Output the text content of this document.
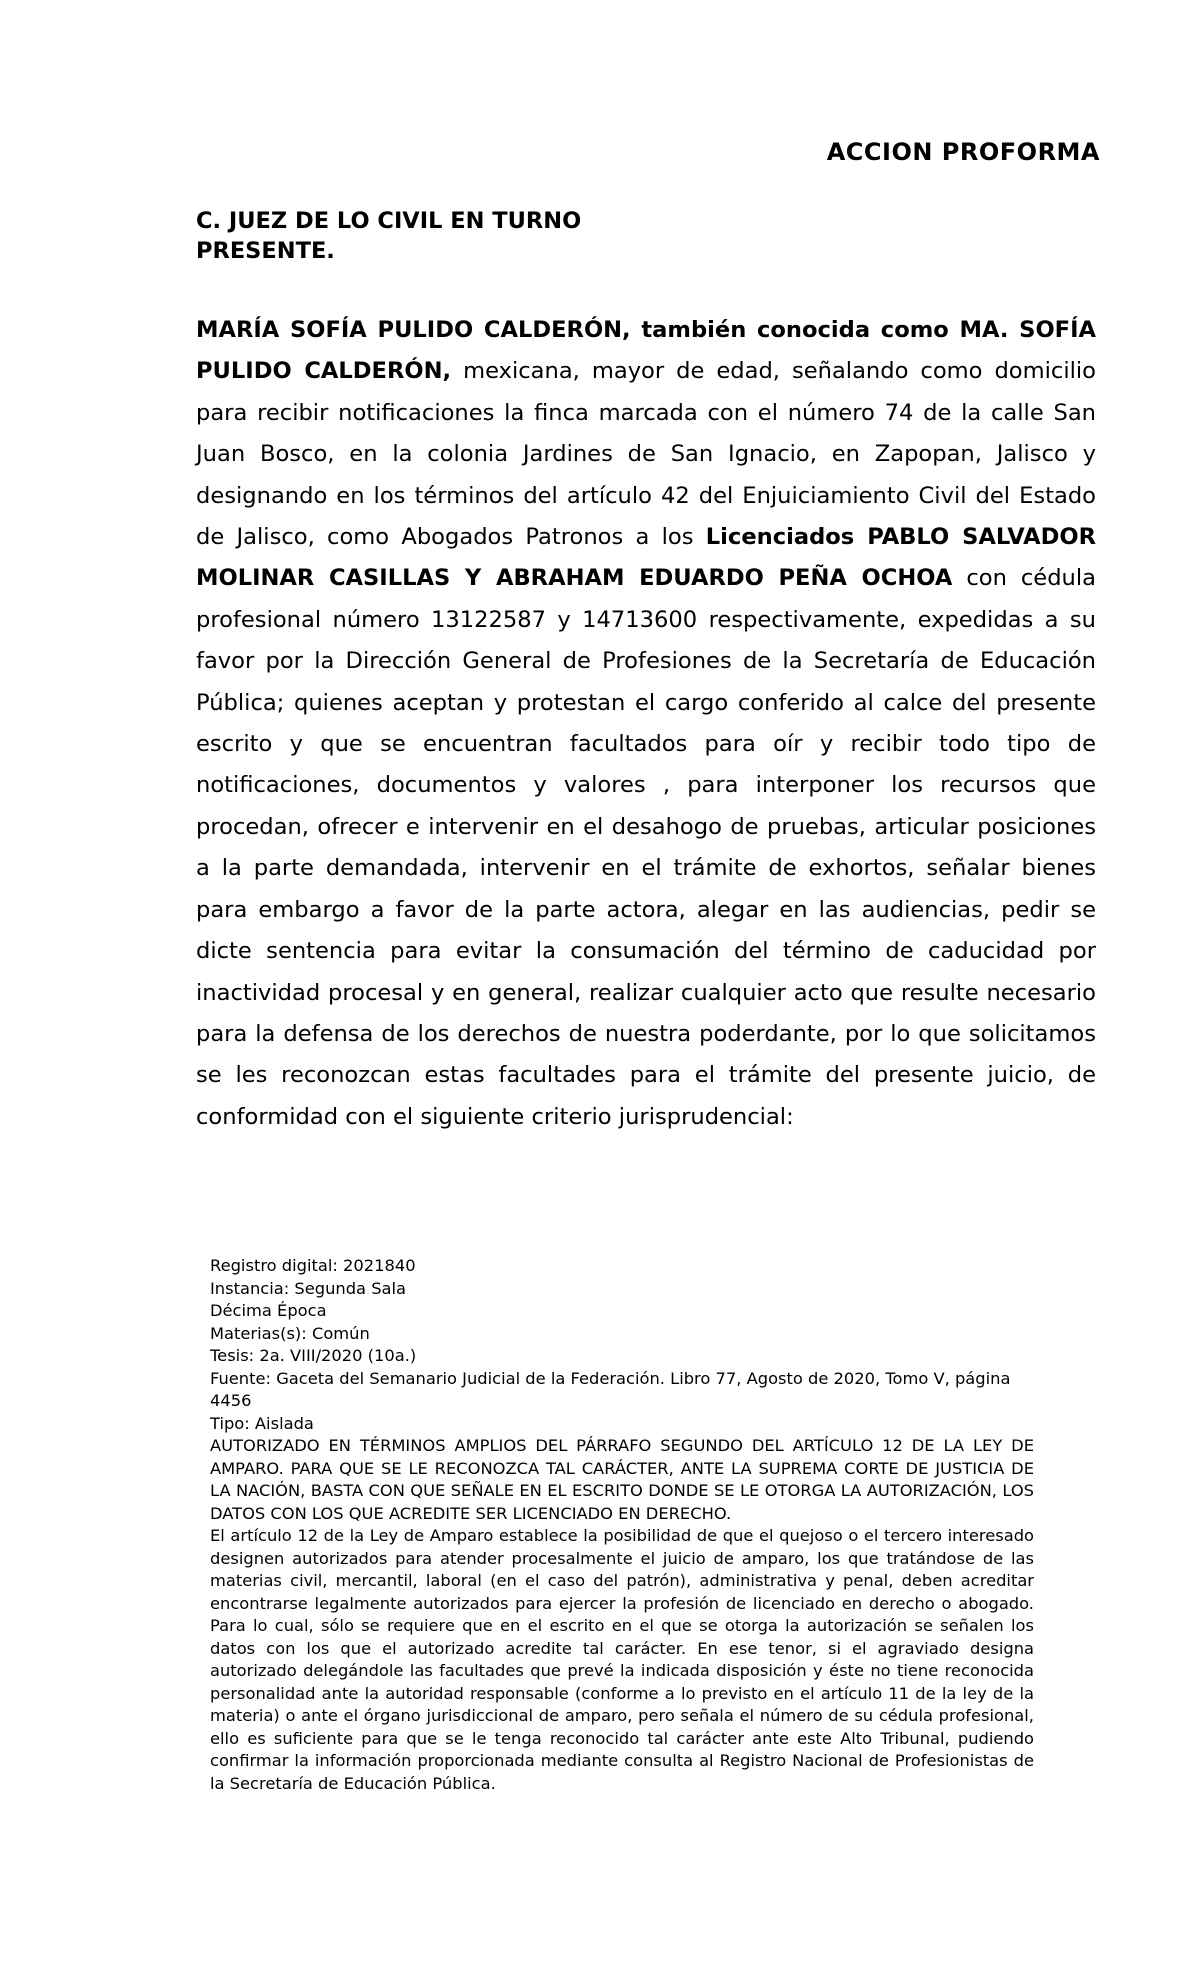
ACCION PROFORMA
C. JUEZ DE LO CIVIL EN TURNO
PRESENTE.
MARÍA SOFÍA PULIDO CALDERÓN, también conocida como MA. SOFÍA PULIDO CALDERÓN, mexicana, mayor de edad, señalando como domicilio para recibir notificaciones la finca marcada con el número 74 de la calle San Juan Bosco, en la colonia Jardines de San Ignacio, en Zapopan, Jalisco y designando en los términos del artículo 42 del Enjuiciamiento Civil del Estado de Jalisco, como Abogados Patronos a los Licenciados PABLO SALVADOR MOLINAR CASILLAS Y ABRAHAM EDUARDO PEÑA OCHOA con cédula profesional número 13122587 y 14713600 respectivamente, expedidas a su favor por la Dirección General de Profesiones de la Secretaría de Educación Pública; quienes aceptan y protestan el cargo conferido al calce del presente escrito y que se encuentran facultados para oír y recibir todo tipo de notificaciones, documentos y valores , para interponer los recursos que procedan, ofrecer e intervenir en el desahogo de pruebas, articular posiciones a la parte demandada, intervenir en el trámite de exhortos, señalar bienes para embargo a favor de la parte actora, alegar en las audiencias, pedir se dicte sentencia para evitar la consumación del término de caducidad por inactividad procesal y en general, realizar cualquier acto que resulte necesario para la defensa de los derechos de nuestra poderdante, por lo que solicitamos se les reconozcan estas facultades para el trámite del presente juicio, de conformidad con el siguiente criterio jurisprudencial:
Registro digital: 2021840
Instancia: Segunda Sala
Décima Época
Materias(s): Común
Tesis: 2a. VIII/2020 (10a.)
Fuente: Gaceta del Semanario Judicial de la Federación. Libro 77, Agosto de 2020, Tomo V, página 4456
Tipo: Aislada
AUTORIZADO EN TÉRMINOS AMPLIOS DEL PÁRRAFO SEGUNDO DEL ARTÍCULO 12 DE LA LEY DE AMPARO. PARA QUE SE LE RECONOZCA TAL CARÁCTER, ANTE LA SUPREMA CORTE DE JUSTICIA DE LA NACIÓN, BASTA CON QUE SEÑALE EN EL ESCRITO DONDE SE LE OTORGA LA AUTORIZACIÓN, LOS DATOS CON LOS QUE ACREDITE SER LICENCIADO EN DERECHO.
El artículo 12 de la Ley de Amparo establece la posibilidad de que el quejoso o el tercero interesado designen autorizados para atender procesalmente el juicio de amparo, los que tratándose de las materias civil, mercantil, laboral (en el caso del patrón), administrativa y penal, deben acreditar encontrarse legalmente autorizados para ejercer la profesión de licenciado en derecho o abogado. Para lo cual, sólo se requiere que en el escrito en el que se otorga la autorización se señalen los datos con los que el autorizado acredite tal carácter. En ese tenor, si el agraviado designa autorizado delegándole las facultades que prevé la indicada disposición y éste no tiene reconocida personalidad ante la autoridad responsable (conforme a lo previsto en el artículo 11 de la ley de la materia) o ante el órgano jurisdiccional de amparo, pero señala el número de su cédula profesional, ello es suficiente para que se le tenga reconocido tal carácter ante este Alto Tribunal, pudiendo confirmar la información proporcionada mediante consulta al Registro Nacional de Profesionistas de la Secretaría de Educación Pública.
